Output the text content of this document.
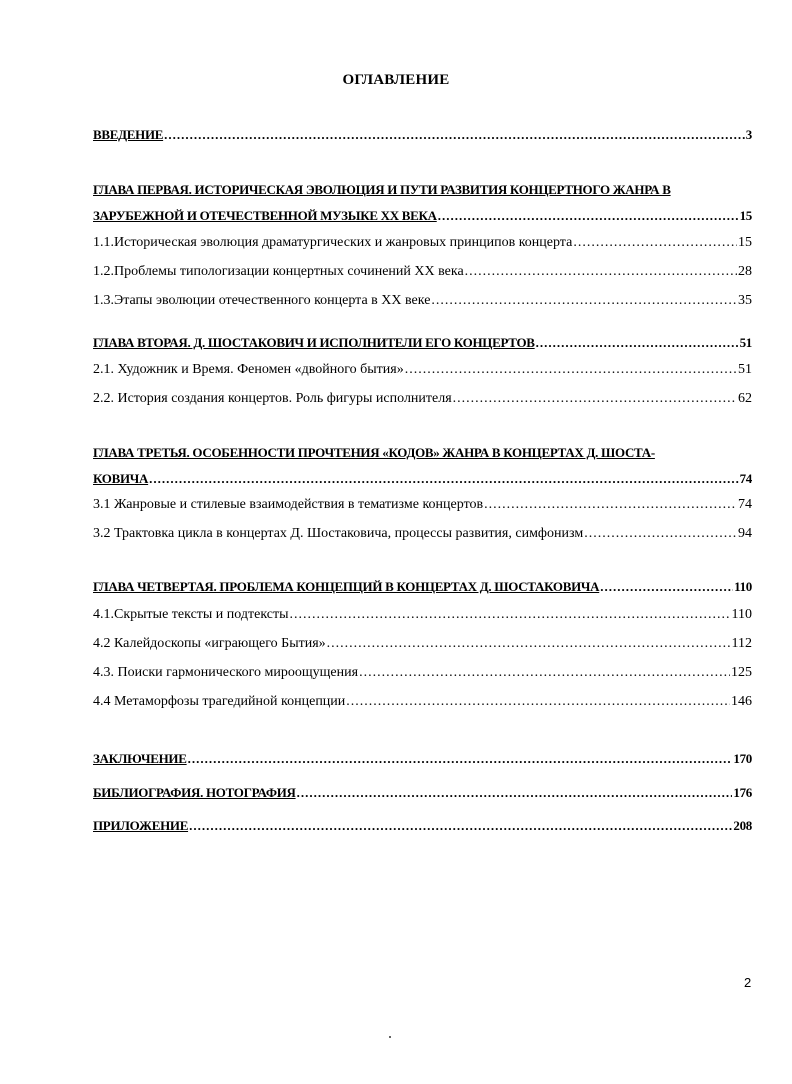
ОГЛАВЛЕНИЕ
ВВЕДЕНИЕ .....	3
ГЛАВА ПЕРВАЯ. ИСТОРИЧЕСКАЯ ЭВОЛЮЦИЯ И ПУТИ РАЗВИТИЯ КОНЦЕРТНОГО ЖАНРА В
ЗАРУБЕЖНОЙ И ОТЕЧЕСТВЕННОЙ МУЗЫКЕ XX ВЕКА .....	15
1.1.Историческая эволюция драматургических и жанровых принципов концерта .....	15
1.2.Проблемы типологизации концертных сочинений XX века .....	28
1.3.Этапы эволюции отечественного концерта в XX веке .....	35
ГЛАВА ВТОРАЯ. Д. ШОСТАКОВИЧ И ИСПОЛНИТЕЛИ ЕГО КОНЦЕРТОВ .....	51
2.1. Художник и Время. Феномен «двойного бытия» .....	51
2.2. История создания концертов. Роль фигуры исполнителя .....	62
ГЛАВА ТРЕТЬЯ. ОСОБЕННОСТИ ПРОЧТЕНИЯ «КОДОВ» ЖАНРА В КОНЦЕРТАХ Д. ШОСТА-
КОВИЧА .....	74
3.1 Жанровые и стилевые взаимодействия в тематизме концертов .....	74
3.2 Трактовка цикла в концертах Д. Шостаковича, процессы развития, симфонизм .....	94
ГЛАВА ЧЕТВЕРТАЯ. ПРОБЛЕМА КОНЦЕПЦИЙ В КОНЦЕРТАХ Д. ШОСТАКОВИЧА .....	110
4.1.Скрытые тексты и подтексты .....	110
4.2 Калейдоскопы «играющего Бытия» .....	112
4.3. Поиски гармонического мироощущения .....	125
4.4 Метаморфозы трагедийной концепции .....	146
ЗАКЛЮЧЕНИЕ .....	170
БИБЛИОГРАФИЯ. НОТОГРАФИЯ .....	176
ПРИЛОЖЕНИЕ .....	208
2
